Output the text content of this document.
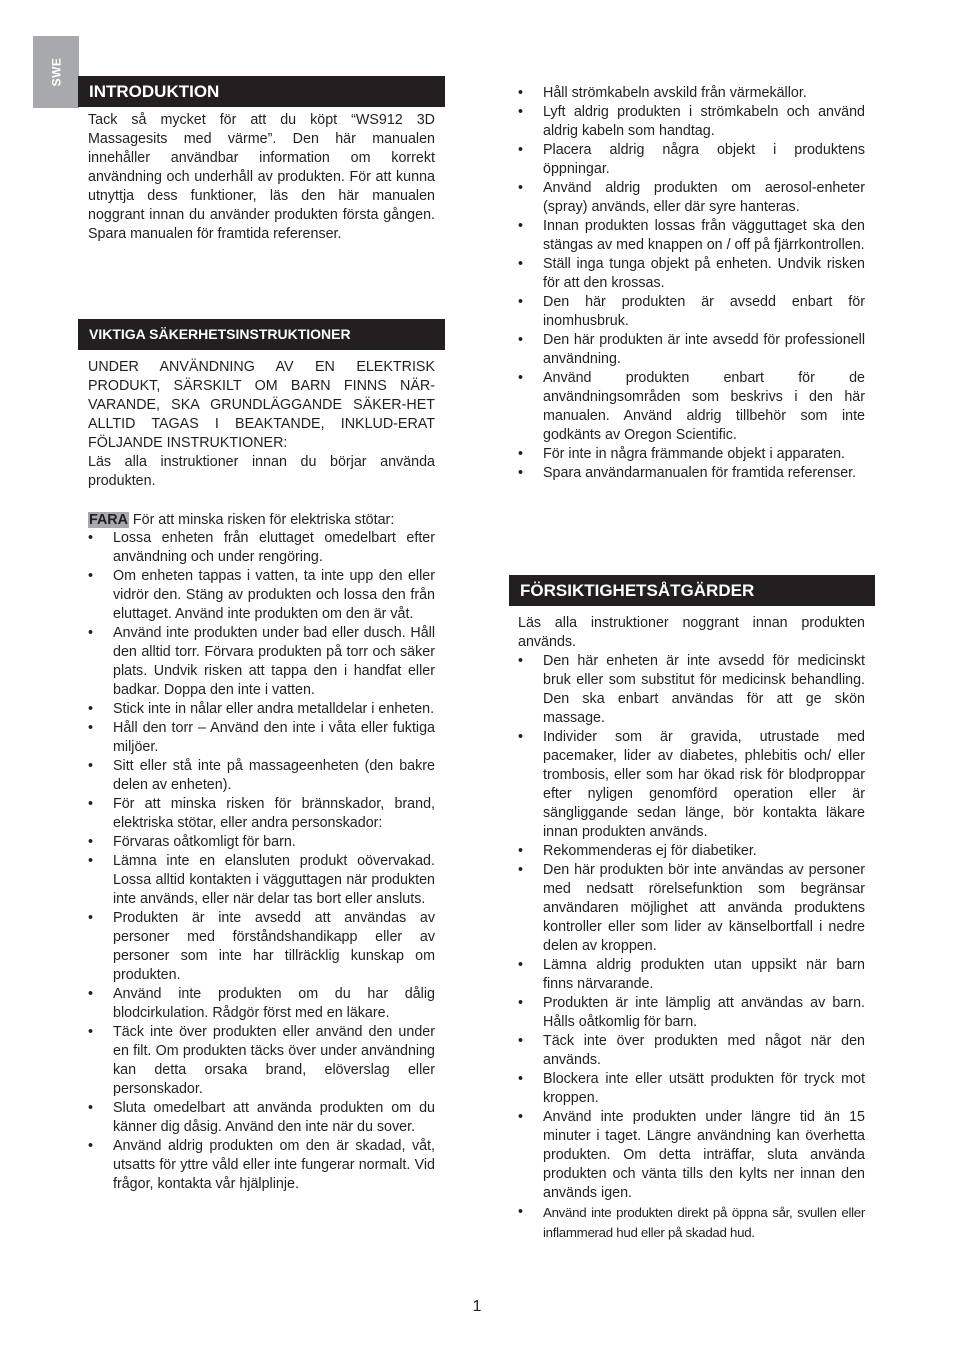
SWE
INTRODUKTION

Tack så mycket för att du köpt “WS912 3D Massagesits med värme”. Den här manualen innehåller användbar information om korrekt användning och underhåll av produkten. För att kunna utnyttja dess funktioner, läs den här manualen noggrant innan du använder produkten första gången. Spara manualen för framtida referenser.

VIKTIGA SÄKERHETSINSTRUKTIONER

UNDER ANVÄNDNING AV EN ELEKTRISK PRODUKT, SÄRSKILT OM BARN FINNS NÄR-VARANDE, SKA GRUNDLÄGGANDE SÄKER-HET ALLTID TAGAS I BEAKTANDE, INKLUD-ERAT FÖLJANDE INSTRUKTIONER:

Läs alla instruktioner innan du börjar använda produkten.

FARA För att minska risken för elektriska stötar:

•	Lossa enheten från eluttaget omedelbart efter användning och under rengöring.
•	Om enheten tappas i vatten, ta inte upp den eller vidrör den. Stäng av produkten och lossa den från eluttaget. Använd inte produkten om den är våt.
•	Använd inte produkten under bad eller dusch. Håll den alltid torr. Förvara produkten på torr och säker plats. Undvik risken att tappa den i handfat eller badkar. Doppa den inte i vatten.
•	Stick inte in nålar eller andra metalldelar i enheten.
•	Håll den torr – Använd den inte i våta eller fuktiga miljöer.
•	Sitt eller stå inte på massageenheten (den bakre delen av enheten).
•	För att minska risken för brännskador, brand, elektriska stötar, eller andra personskador:
•	Förvaras oåtkomligt för barn.
•	Lämna inte en elansluten produkt oövervakad. Lossa alltid kontakten i vägguttagen när produkten inte används, eller när delar tas bort eller ansluts.
•	Produkten är inte avsedd att användas av personer med förståndshandikapp eller av personer som inte har tillräcklig kunskap om produkten.
•	Använd inte produkten om du har dålig blodcirkulation. Rådgör först med en läkare.
•	Täck inte över produkten eller använd den under en filt. Om produkten täcks över under användning kan detta orsaka brand, elöverslag eller personskador.
•	Sluta omedelbart att använda produkten om du känner dig dåsig. Använd den inte när du sover.
•	Använd aldrig produkten om den är skadad, våt, utsatts för yttre våld eller inte fungerar normalt. Vid frågor, kontakta vår hjälplinje.
•	Håll strömkabeln avskild från värmekällor.
•	Lyft aldrig produkten i strömkabeln och använd aldrig kabeln som handtag.
•	Placera aldrig några objekt i produktens öppningar.
•	Använd aldrig produkten om aerosol-enheter (spray) används, eller där syre hanteras.
•	Innan produkten lossas från vägguttaget ska den stängas av med knappen on / off på fjärrkontrollen.
•	Ställ inga tunga objekt på enheten. Undvik risken för att den krossas.
•	Den här produkten är avsedd enbart för inomhusbruk.
•	Den här produkten är inte avsedd för professionell användning.
•	Använd produkten enbart för de användningsområden som beskrivs i den här manualen. Använd aldrig tillbehör som inte godkänts av Oregon Scientific.
•	För inte in några främmande objekt i apparaten.
•	Spara användarmanualen för framtida referenser.
FÖRSIKTIGHETSÅTGÄRDER

Läs alla instruktioner noggrant innan produkten används.

•	Den här enheten är inte avsedd för medicinskt bruk eller som substitut för medicinsk behandling. Den ska enbart användas för att ge skön massage.
•	Individer som är gravida, utrustade med pacemaker, lider av diabetes, phlebitis och/ eller trombosis, eller som har ökad risk för blodproppar efter nyligen genomförd operation eller är sängliggande sedan länge, bör kontakta läkare innan produkten används.
•	Rekommenderas ej för diabetiker.
•	Den här produkten bör inte användas av personer med nedsatt rörelsefunktion som begränsar användaren möjlighet att använda produktens kontroller eller som lider av känselbortfall i nedre delen av kroppen.
•	Lämna aldrig produkten utan uppsikt när barn finns närvarande.
•	Produkten är inte lämplig att användas av barn. Hålls oåtkomlig för barn.
•	Täck inte över produkten med något när den används.
•	Blockera inte eller utsätt produkten för tryck mot kroppen.
•	Använd inte produkten under längre tid än 15 minuter i taget. Längre användning kan överhetta produkten. Om detta inträffar, sluta använda produkten och vänta tills den kylts ner innan den används igen.
•	Använd inte produkten direkt på öppna sår, svullen eller inflammerad hud eller på skadad hud.
1
